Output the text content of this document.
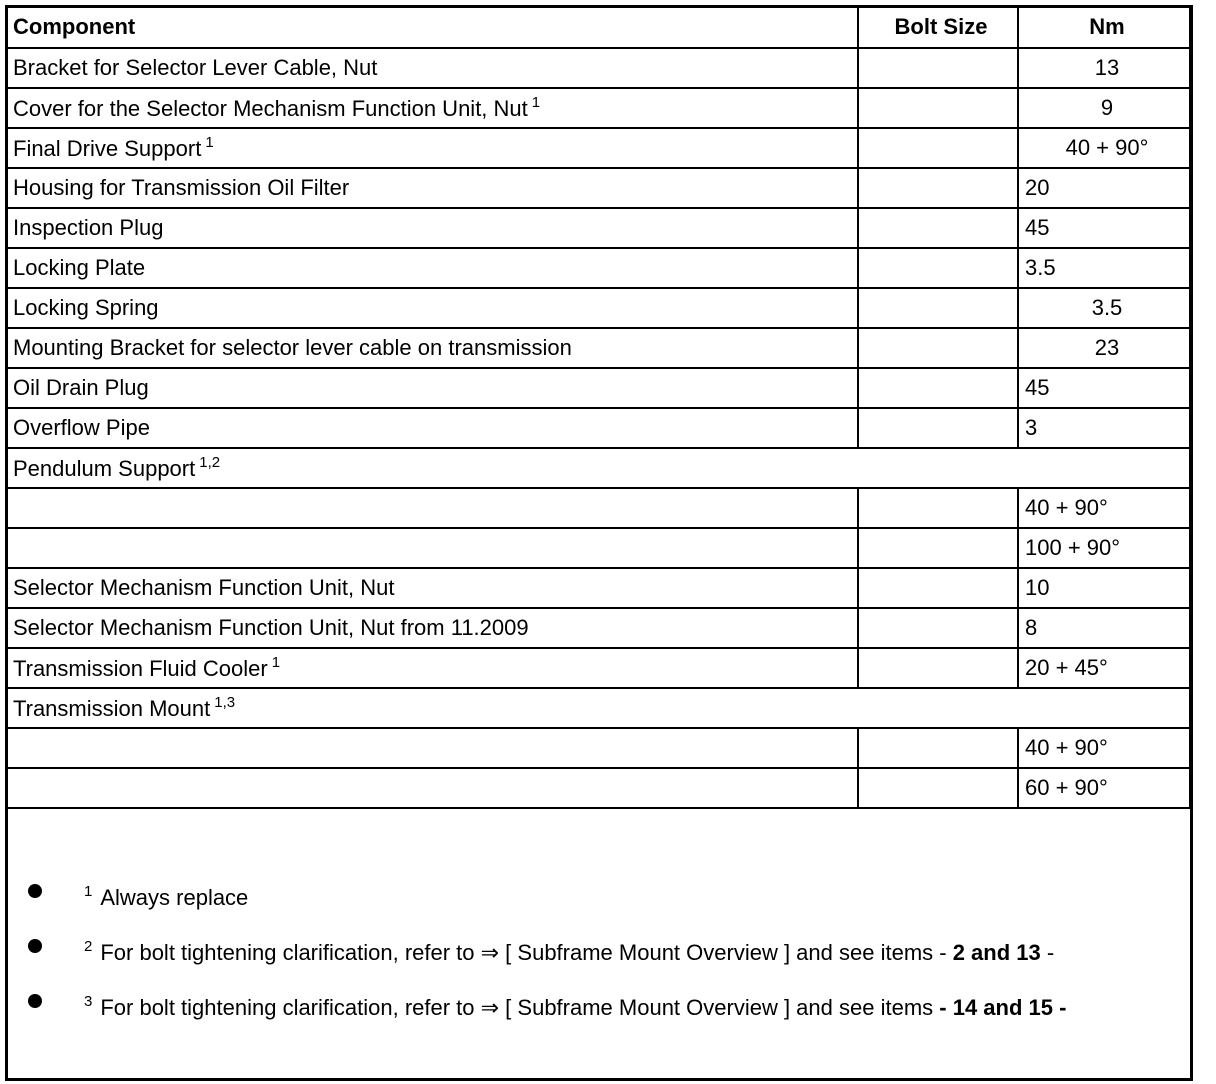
Component	Bolt Size	Nm
Bracket for Selector Lever Cable, Nut		13
Cover for the Selector Mechanism Function Unit, Nut $^1$		9
Final Drive Support $^1$		40 + 90°
Housing for Transmission Oil Filter		20
Inspection Plug		45
Locking Plate		3.5
Locking Spring		3.5
Mounting Bracket for selector lever cable on transmission		23
Oil Drain Plug		45
Overflow Pipe		3
Pendulum Support $^{1,2}$
		40 + 90°
		100 + 90°
Selector Mechanism Function Unit, Nut		10
Selector Mechanism Function Unit, Nut from 11.2009		8
Transmission Fluid Cooler $^1$		20 + 45°
Transmission Mount $^{1,3}$
		40 + 90°
		60 + 90°
$^1$ Always replace
$^2$ For bolt tightening clarification, refer to ⇒ [ Subframe Mount Overview ] and see items - 2 and 13 -
$^3$ For bolt tightening clarification, refer to ⇒ [ Subframe Mount Overview ] and see items - 14 and 15 -
